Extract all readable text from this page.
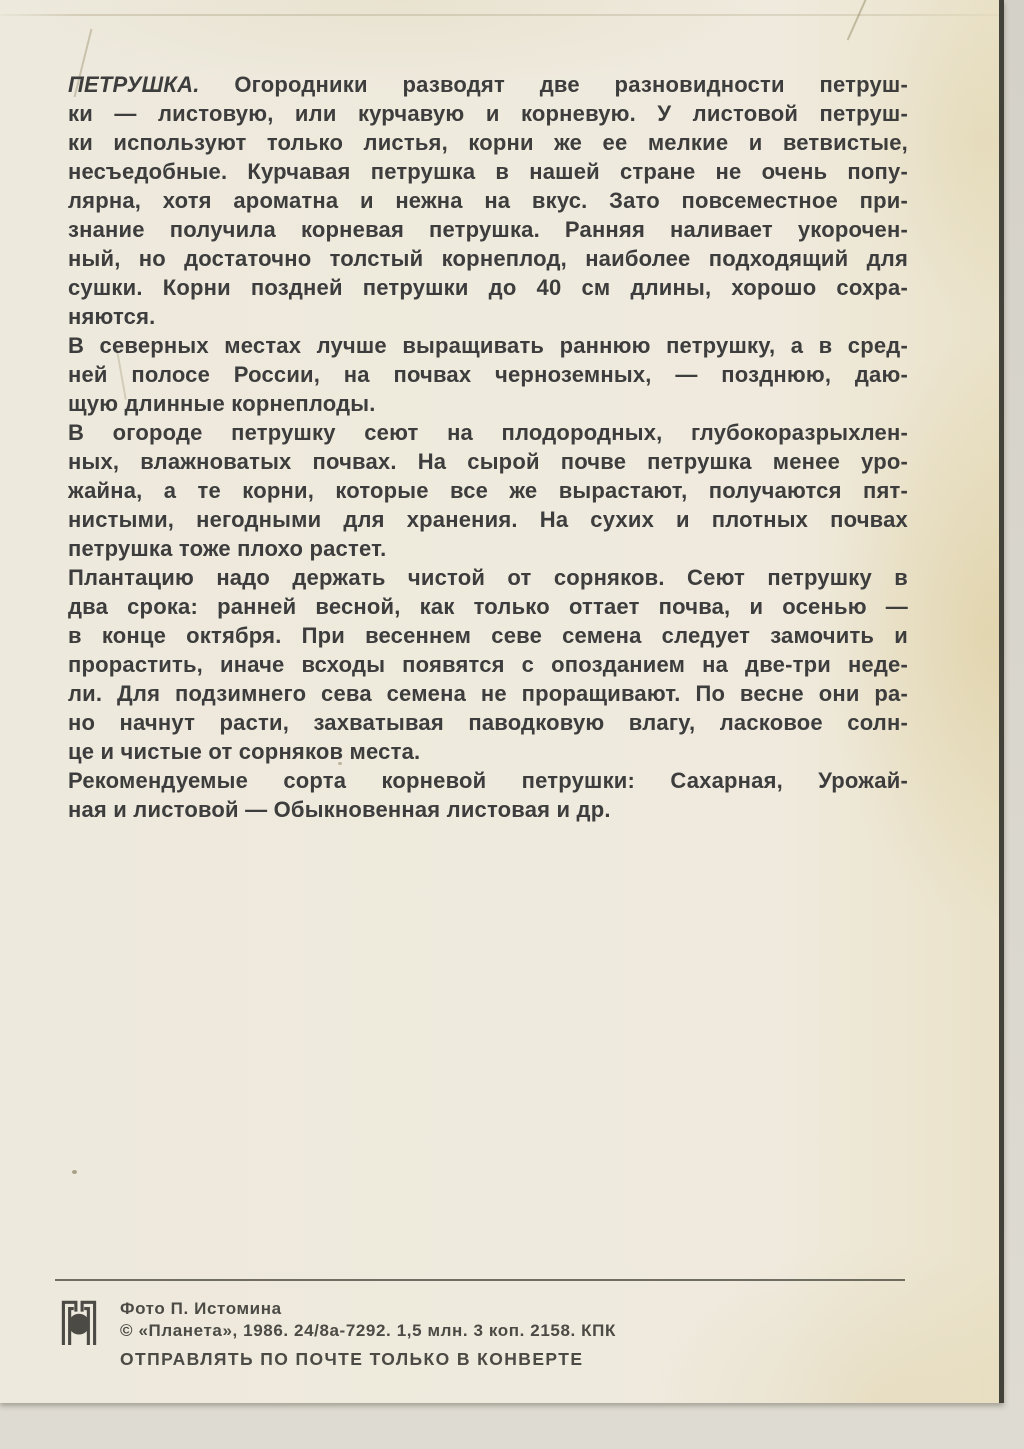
ПЕТРУШКА. Огородники разводят две разновидности петруш-
ки — листовую, или курчавую и корневую. У листовой петруш-
ки используют только листья, корни же ее мелкие и ветвистые,
несъедобные. Курчавая петрушка в нашей стране не очень попу-
лярна, хотя ароматна и нежна на вкус. Зато повсеместное при-
знание получила корневая петрушка. Ранняя наливает укорочен-
ный, но достаточно толстый корнеплод, наиболее подходящий для
сушки. Корни поздней петрушки до 40 см длины, хорошо сохра-
няются.
В северных местах лучше выращивать раннюю петрушку, а в сред-
ней полосе России, на почвах черноземных, — позднюю, даю-
щую длинные корнеплоды.
В огороде петрушку сеют на плодородных, глубокоразрыхлен-
ных, влажноватых почвах. На сырой почве петрушка менее уро-
жайна, а те корни, которые все же вырастают, получаются пят-
нистыми, негодными для хранения. На сухих и плотных почвах
петрушка тоже плохо растет.
Плантацию надо держать чистой от сорняков. Сеют петрушку в
два срока: ранней весной, как только оттает почва, и осенью —
в конце октября. При весеннем севе семена следует замочить и
прорастить, иначе всходы появятся с опозданием на две-три неде-
ли. Для подзимнего сева семена не проращивают. По весне они ра-
но начнут расти, захватывая паводковую влагу, ласковое солн-
це и чистые от сорняков места.
Рекомендуемые сорта корневой петрушки: Сахарная, Урожай-
ная и листовой — Обыкновенная листовая и др.
Фото П. Истомина
© «Планета», 1986. 24/8а-7292. 1,5 млн. 3 коп. 2158. КПК
ОТПРАВЛЯТЬ ПО ПОЧТЕ ТОЛЬКО В КОНВЕРТЕ
